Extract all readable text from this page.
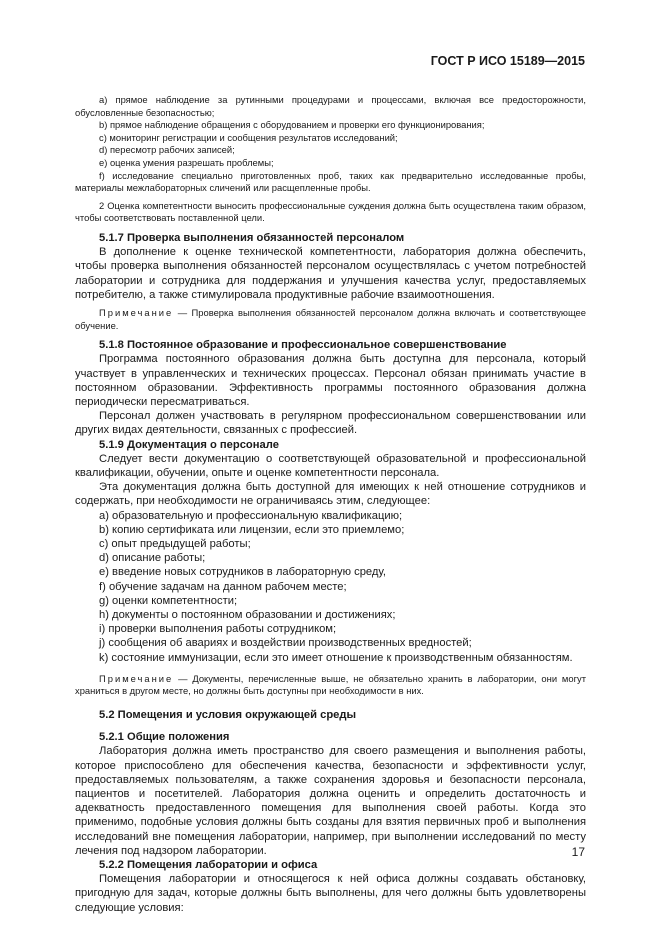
ГОСТ Р ИСО 15189—2015

a) прямое наблюдение за рутинными процедурами и процессами, включая все предосторожности, обусловленные безопасностью;

b) прямое наблюдение обращения с оборудованием и проверки его функционирования;

c) мониторинг регистрации и сообщения результатов исследований;

d) пересмотр рабочих записей;

e) оценка умения разрешать проблемы;

f) исследование специально приготовленных проб, таких как предварительно исследованные пробы, материалы межлабораторных сличений или расщепленные пробы.

2 Оценка компетентности выносить профессиональные суждения должна быть осуществлена таким образом, чтобы соответствовать поставленной цели.

5.1.7 Проверка выполнения обязанностей персоналом

В дополнение к оценке технической компетентности, лаборатория должна обеспечить, чтобы проверка выполнения обязанностей персоналом осуществлялась с учетом потребностей лаборатории и сотрудника для поддержания и улучшения качества услуг, предоставляемых потребителю, а также стимулировала продуктивные рабочие взаимоотношения.

Примечание — Проверка выполнения обязанностей персоналом должна включать и соответствующее обучение.

5.1.8 Постоянное образование и профессиональное совершенствование

Программа постоянного образования должна быть доступна для персонала, который участвует в управленческих и технических процессах. Персонал обязан принимать участие в постоянном образовании. Эффективность программы постоянного образования должна периодически пересматриваться.

Персонал должен участвовать в регулярном профессиональном совершенствовании или других видах деятельности, связанных с профессией.

5.1.9 Документация о персонале

Следует вести документацию о соответствующей образовательной и профессиональной квалификации, обучении, опыте и оценке компетентности персонала.

Эта документация должна быть доступной для имеющих к ней отношение сотрудников и содержать, при необходимости не ограничиваясь этим, следующее:

a) образовательную и профессиональную квалификацию;

b) копию сертификата или лицензии, если это приемлемо;

c) опыт предыдущей работы;

d) описание работы;

e) введение новых сотрудников в лабораторную среду,

f) обучение задачам на данном рабочем месте;

g) оценки компетентности;

h) документы о постоянном образовании и достижениях;

i) проверки выполнения работы сотрудником;

j) сообщения об авариях и воздействии производственных вредностей;

k) состояние иммунизации, если это имеет отношение к производственным обязанностям.

Примечание — Документы, перечисленные выше, не обязательно хранить в лаборатории, они могут храниться в другом месте, но должны быть доступны при необходимости в них.

5.2 Помещения и условия окружающей среды
5.2.1 Общие положения

Лаборатория должна иметь пространство для своего размещения и выполнения работы, которое приспособлено для обеспечения качества, безопасности и эффективности услуг, предоставляемых пользователям, а также сохранения здоровья и безопасности персонала, пациентов и посетителей. Лаборатория должна оценить и определить достаточность и адекватность предоставленного помещения для выполнения своей работы. Когда это применимо, подобные условия должны быть созданы для взятия первичных проб и выполнения исследований вне помещения лаборатории, например, при выполнении исследований по месту лечения под надзором лаборатории.

5.2.2 Помещения лаборатории и офиса

Помещения лаборатории и относящегося к ней офиса должны создавать обстановку, пригодную для задач, которые должны быть выполнены, для чего должны быть удовлетворены следующие условия:

17
